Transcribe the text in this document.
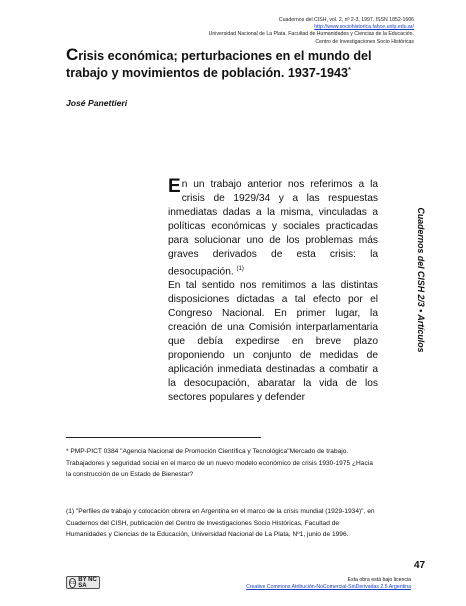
Cuadernos del CISH, vol. 2, nº 2-3, 1997. ISSN 1852-1606
http://www.sociohistorica.fahce.unlp.edu.ar/
Universidad Nacional de La Plata. Facultad de Humanidades y Ciencias de la Educación.
Centro de Investigaciones Socio Históricas
Crisis económica; perturbaciones en el mundo del trabajo y movimientos de población. 1937-1943*
José Panettieri
Cuadernos del CISH 2/3 • Artículos
En un trabajo anterior nos referimos a la crisis de 1929/34 y a las respuestas inmediatas dadas a la misma, vinculadas a políticas económicas y sociales practicadas para solucionar uno de los problemas más graves derivados de esta crisis: la desocupación. $^{(1)}$
En tal sentido nos remitimos a las distintas disposiciones dictadas a tal efecto por el Congreso Nacional. En primer lugar, la creación de una Comisión interparlamentaria que debía expedirse en breve plazo proponiendo un conjunto de medidas de aplicación inmediata destinadas a combatir a la desocupación, abaratar la vida de los sectores populares y defender

* PMP-PICT 0384 "Agencia Nacional de Promoción Científica y Tecnológica"Mercado de trabajo. Trabajadores y seguridad social en el marco de un nuevo modelo económico de crisis 1930-1975 ¿Hacia la construcción de un Estado de Bienestar?

(1) "Perfiles de trabajo y colocación obrera en Argentina en el marco de la crisis mundial (1929-1934)", en Cuadernos del CISH, publicación del Centro de Investigaciones Socio Históricas, Facultad de Humanidades y Ciencias de la Educación, Universidad Nacional de La Plata, Nº1, junio de 1996.

47
cc BY NC SA
Esta obra está bajo licencia
Creative Commons Atribución-NoComercial-SinDerivadas 2.5 Argentina
